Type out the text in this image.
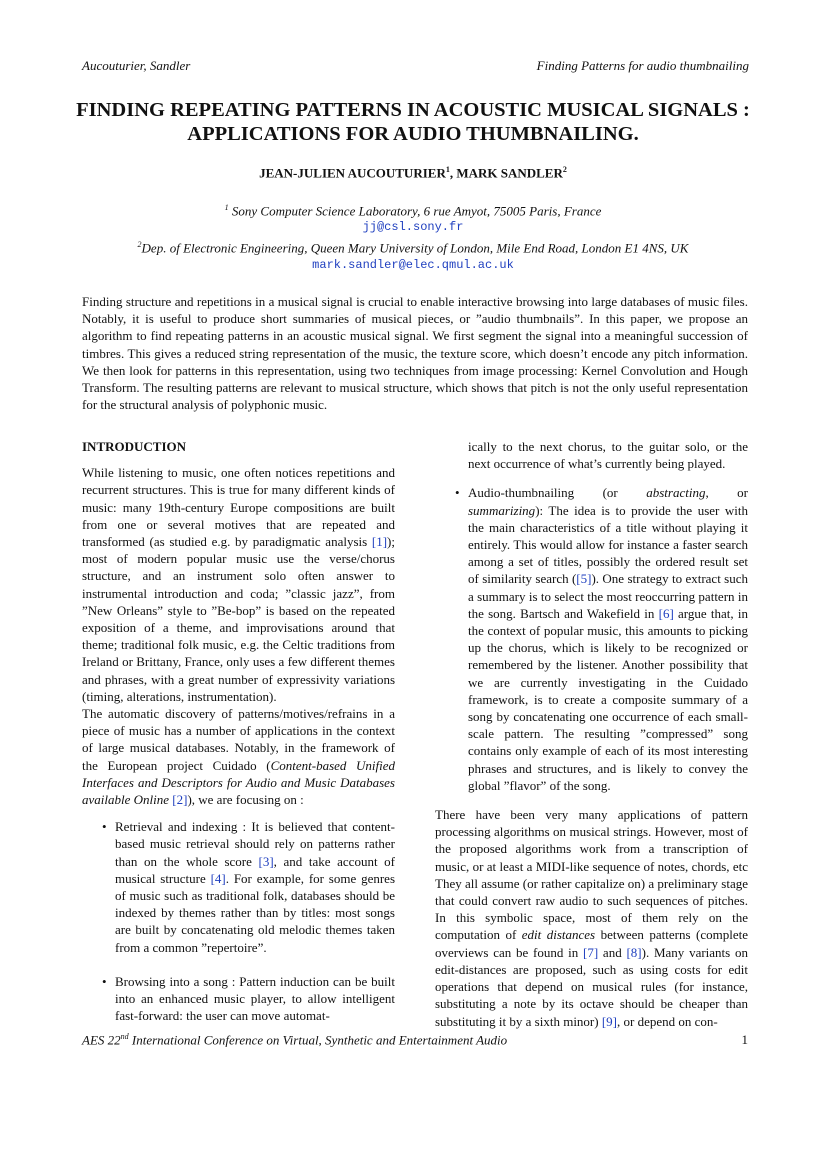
Aucouturier, Sandler	Finding Patterns for audio thumbnailing
FINDING REPEATING PATTERNS IN ACOUSTIC MUSICAL SIGNALS :
APPLICATIONS FOR AUDIO THUMBNAILING.
JEAN-JULIEN AUCOUTURIER$^1$, MARK SANDLER$^2$
$^1$ Sony Computer Science Laboratory, 6 rue Amyot, 75005 Paris, France
jj@csl.sony.fr
$^2$Dep. of Electronic Engineering, Queen Mary University of London, Mile End Road, London E1 4NS, UK
mark.sandler@elec.qmul.ac.uk
Finding structure and repetitions in a musical signal is crucial to enable interactive browsing into large databases of music files. Notably, it is useful to produce short summaries of musical pieces, or ”audio thumbnails”. In this paper, we propose an algorithm to find repeating patterns in an acoustic musical signal. We first segment the signal into a meaningful succession of timbres. This gives a reduced string representation of the music, the texture score, which doesn’t encode any pitch information. We then look for patterns in this representation, using two techniques from image processing: Kernel Convolution and Hough Transform. The resulting patterns are relevant to musical structure, which shows that pitch is not the only useful representation for the structural analysis of polyphonic music.
INTRODUCTION

While listening to music, one often notices repetitions and recurrent structures. This is true for many different kinds of music: many 19th-century Europe compositions are built from one or several motives that are repeated and transformed (as studied e.g. by paradigmatic analysis [1]); most of modern popular music use the verse/chorus structure, and an instrument solo often answer to instrumental introduction and coda; ”classic jazz”, from ”New Orleans” style to ”Be-bop” is based on the repeated exposition of a theme, and improvisations around that theme; traditional folk music, e.g. the Celtic traditions from Ireland or Brittany, France, only uses a few different themes and phrases, with a great number of expressivity variations (timing, alterations, instrumentation).

The automatic discovery of patterns/motives/refrains in a piece of music has a number of applications in the context of large musical databases. Notably, in the framework of the European project Cuidado (Content-based Unified Interfaces and Descriptors for Audio and Music Databases available Online [2]), we are focusing on :

• Retrieval and indexing : It is believed that content-based music retrieval should rely on patterns rather than on the whole score [3], and take account of musical structure [4]. For example, for some genres of music such as traditional folk, databases should be indexed by themes rather than by titles: most songs are built by concatenating old melodic themes taken from a common ”repertoire”.
• Browsing into a song : Pattern induction can be built into an enhanced music player, to allow intelligent fast-forward: the user can move automat-

ically to the next chorus, to the guitar solo, or the next occurrence of what’s currently being played.

• Audio-thumbnailing (or abstracting, or summarizing): The idea is to provide the user with the main characteristics of a title without playing it entirely. This would allow for instance a faster search among a set of titles, possibly the ordered result set of similarity search ([5]). One strategy to extract such a summary is to select the most reoccurring pattern in the song. Bartsch and Wakefield in [6] argue that, in the context of popular music, this amounts to picking up the chorus, which is likely to be recognized or remembered by the listener. Another possibility that we are currently investigating in the Cuidado framework, is to create a composite summary of a song by concatenating one occurrence of each small-scale pattern. The resulting ”compressed” song contains only example of each of its most interesting phrases and structures, and is likely to convey the global ”flavor” of the song.

There have been very many applications of pattern processing algorithms on musical strings. However, most of the proposed algorithms work from a transcription of music, or at least a MIDI-like sequence of notes, chords, etc They all assume (or rather capitalize on) a preliminary stage that could convert raw audio to such sequences of pitches. In this symbolic space, most of them rely on the computation of edit distances between patterns (complete overviews can be found in [7] and [8]). Many variants on edit-distances are proposed, such as using costs for edit operations that depend on musical rules (for instance, substituting a note by its octave should be cheaper than substituting it by a sixth minor) [9], or depend on con-

AES 22nd International Conference on Virtual, Synthetic and Entertainment Audio	1
